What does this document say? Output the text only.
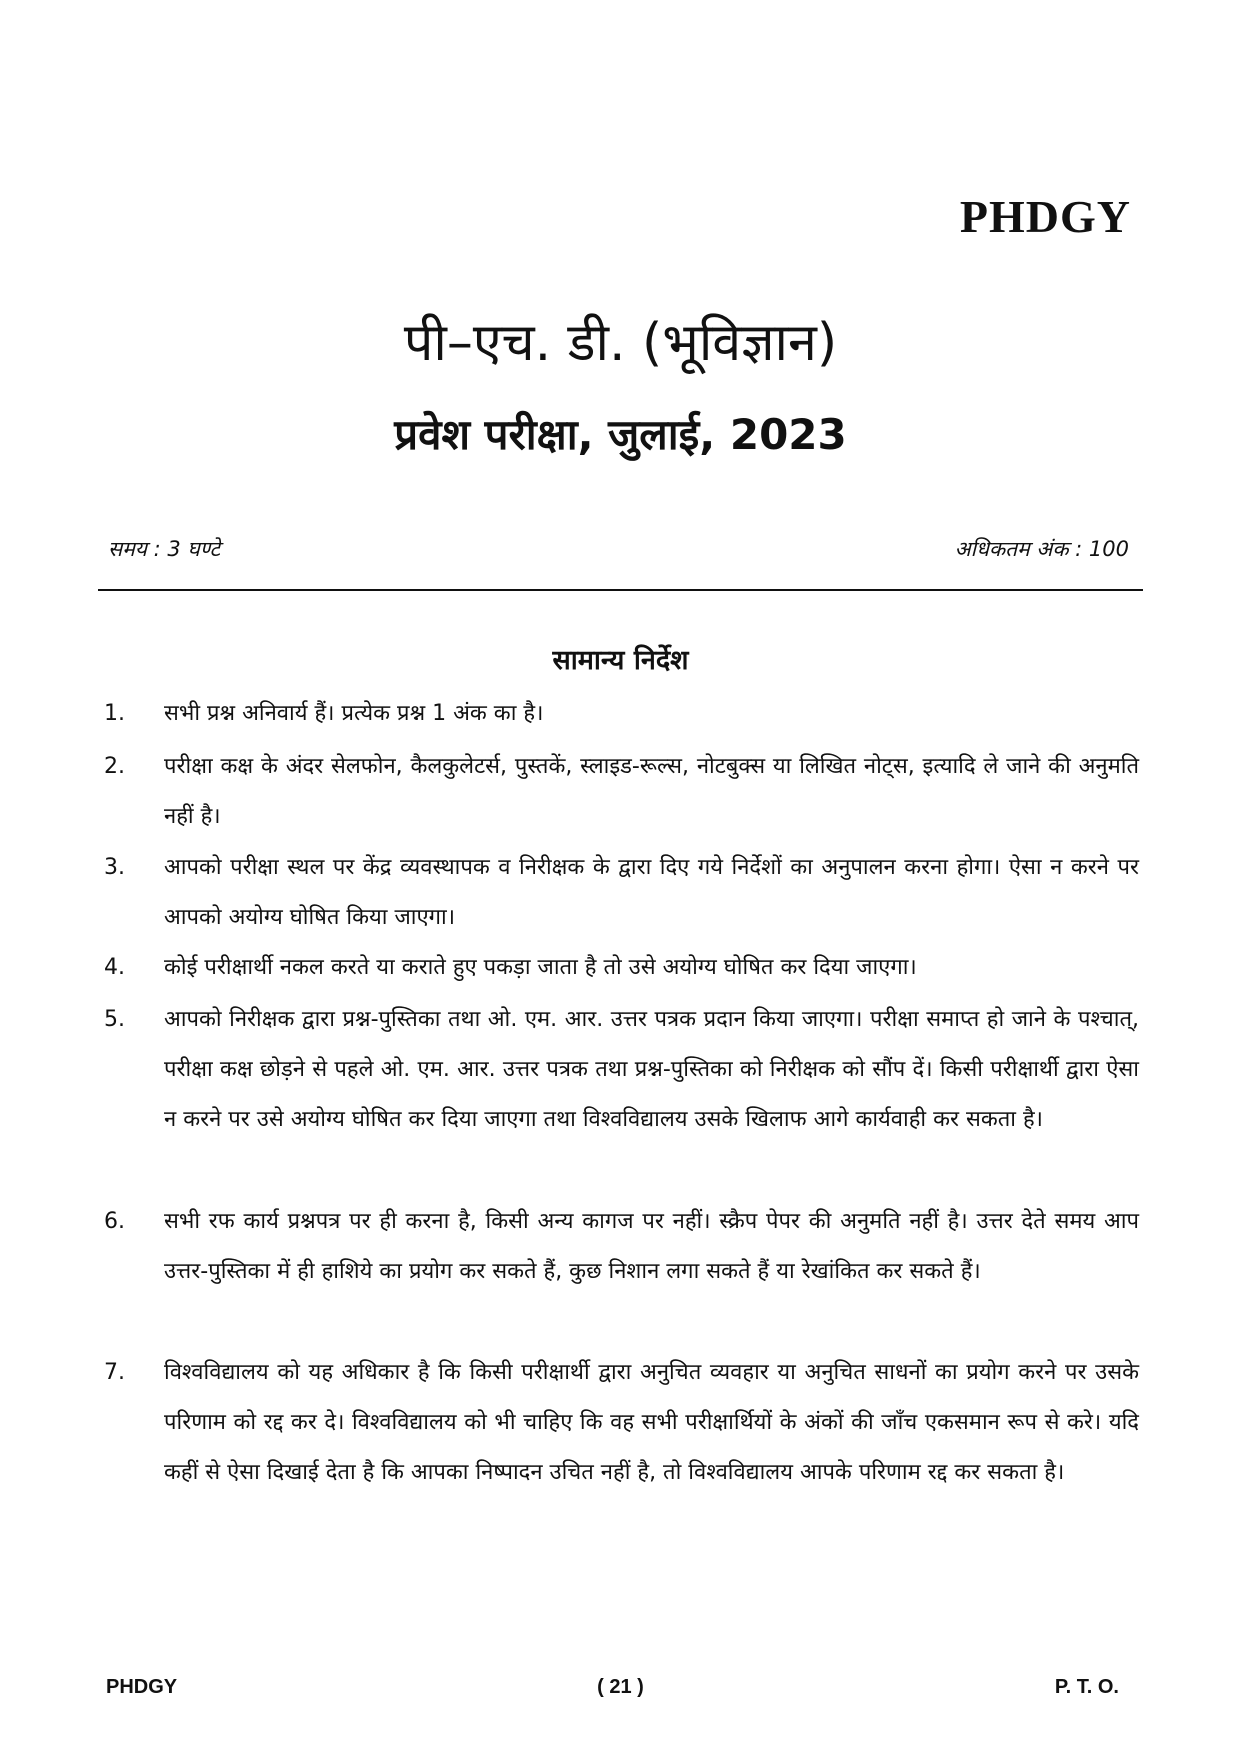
PHDGY
पी–एच. डी. (भूविज्ञान)
प्रवेश परीक्षा, जुलाई, 2023
समय : 3 घण्टे	अधिकतम अंक : 100
सामान्य निर्देश
1.	सभी प्रश्न अनिवार्य हैं। प्रत्येक प्रश्न 1 अंक का है।
2.	परीक्षा कक्ष के अंदर सेलफोन, कैलकुलेटर्स, पुस्तकें, स्लाइड-रूल्स, नोटबुक्स या लिखित नोट्स, इत्यादि ले जाने की अनुमति नहीं है।
3.	आपको परीक्षा स्थल पर केंद्र व्यवस्थापक व निरीक्षक के द्वारा दिए गये निर्देशों का अनुपालन करना होगा। ऐसा न करने पर आपको अयोग्य घोषित किया जाएगा।
4.	कोई परीक्षार्थी नकल करते या कराते हुए पकड़ा जाता है तो उसे अयोग्य घोषित कर दिया जाएगा।
5.	आपको निरीक्षक द्वारा प्रश्न-पुस्तिका तथा ओ. एम. आर. उत्तर पत्रक प्रदान किया जाएगा। परीक्षा समाप्त हो जाने के पश्चात्, परीक्षा कक्ष छोड़ने से पहले ओ. एम. आर. उत्तर पत्रक तथा प्रश्न-पुस्तिका को निरीक्षक को सौंप दें। किसी परीक्षार्थी द्वारा ऐसा न करने पर उसे अयोग्य घोषित कर दिया जाएगा तथा विश्वविद्यालय उसके खिलाफ आगे कार्यवाही कर सकता है।
6.	सभी रफ कार्य प्रश्नपत्र पर ही करना है, किसी अन्य कागज पर नहीं। स्क्रैप पेपर की अनुमति नहीं है। उत्तर देते समय आप उत्तर-पुस्तिका में ही हाशिये का प्रयोग कर सकते हैं, कुछ निशान लगा सकते हैं या रेखांकित कर सकते हैं।
7.	विश्वविद्यालय को यह अधिकार है कि किसी परीक्षार्थी द्वारा अनुचित व्यवहार या अनुचित साधनों का प्रयोग करने पर उसके परिणाम को रद्द कर दे। विश्वविद्यालय को भी चाहिए कि वह सभी परीक्षार्थियों के अंकों की जाँच एकसमान रूप से करे। यदि कहीं से ऐसा दिखाई देता है कि आपका निष्पादन उचित नहीं है, तो विश्वविद्यालय आपके परिणाम रद्द कर सकता है।
PHDGY	( 21 )	P. T. O.
